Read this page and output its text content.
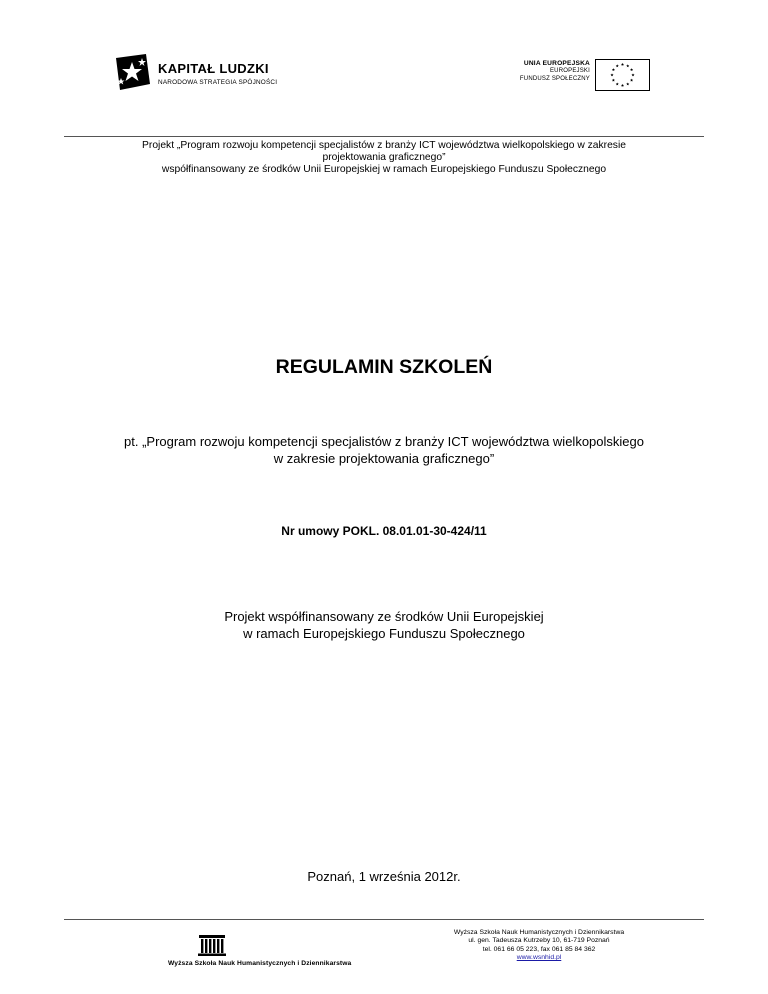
KAPITAŁ LUDZKI
NARODOWA STRATEGIA SPÓJNOŚCI
UNIA EUROPEJSKA
EUROPEJSKI
FUNDUSZ SPOŁECZNY
Projekt „Program rozwoju kompetencji specjalistów z branży ICT województwa wielkopolskiego w zakresie
projektowania graficznego”
współfinansowany ze środków Unii Europejskiej w ramach Europejskiego Funduszu Społecznego
REGULAMIN SZKOLEŃ
pt. „Program rozwoju kompetencji specjalistów z branży ICT województwa wielkopolskiego
w zakresie projektowania graficznego”
Nr umowy POKL. 08.01.01-30-424/11
Projekt współfinansowany ze środków Unii Europejskiej
w ramach Europejskiego Funduszu Społecznego
Poznań, 1 września 2012r.
Wyższa Szkoła Nauk Humanistycznych i Dziennikarstwa
Wyższa Szkoła Nauk Humanistycznych i Dziennikarstwa
ul. gen. Tadeusza Kutrzeby 10, 61-719 Poznań
tel. 061 66 05 223, fax 061 85 84 362
www.wsnhid.pl
